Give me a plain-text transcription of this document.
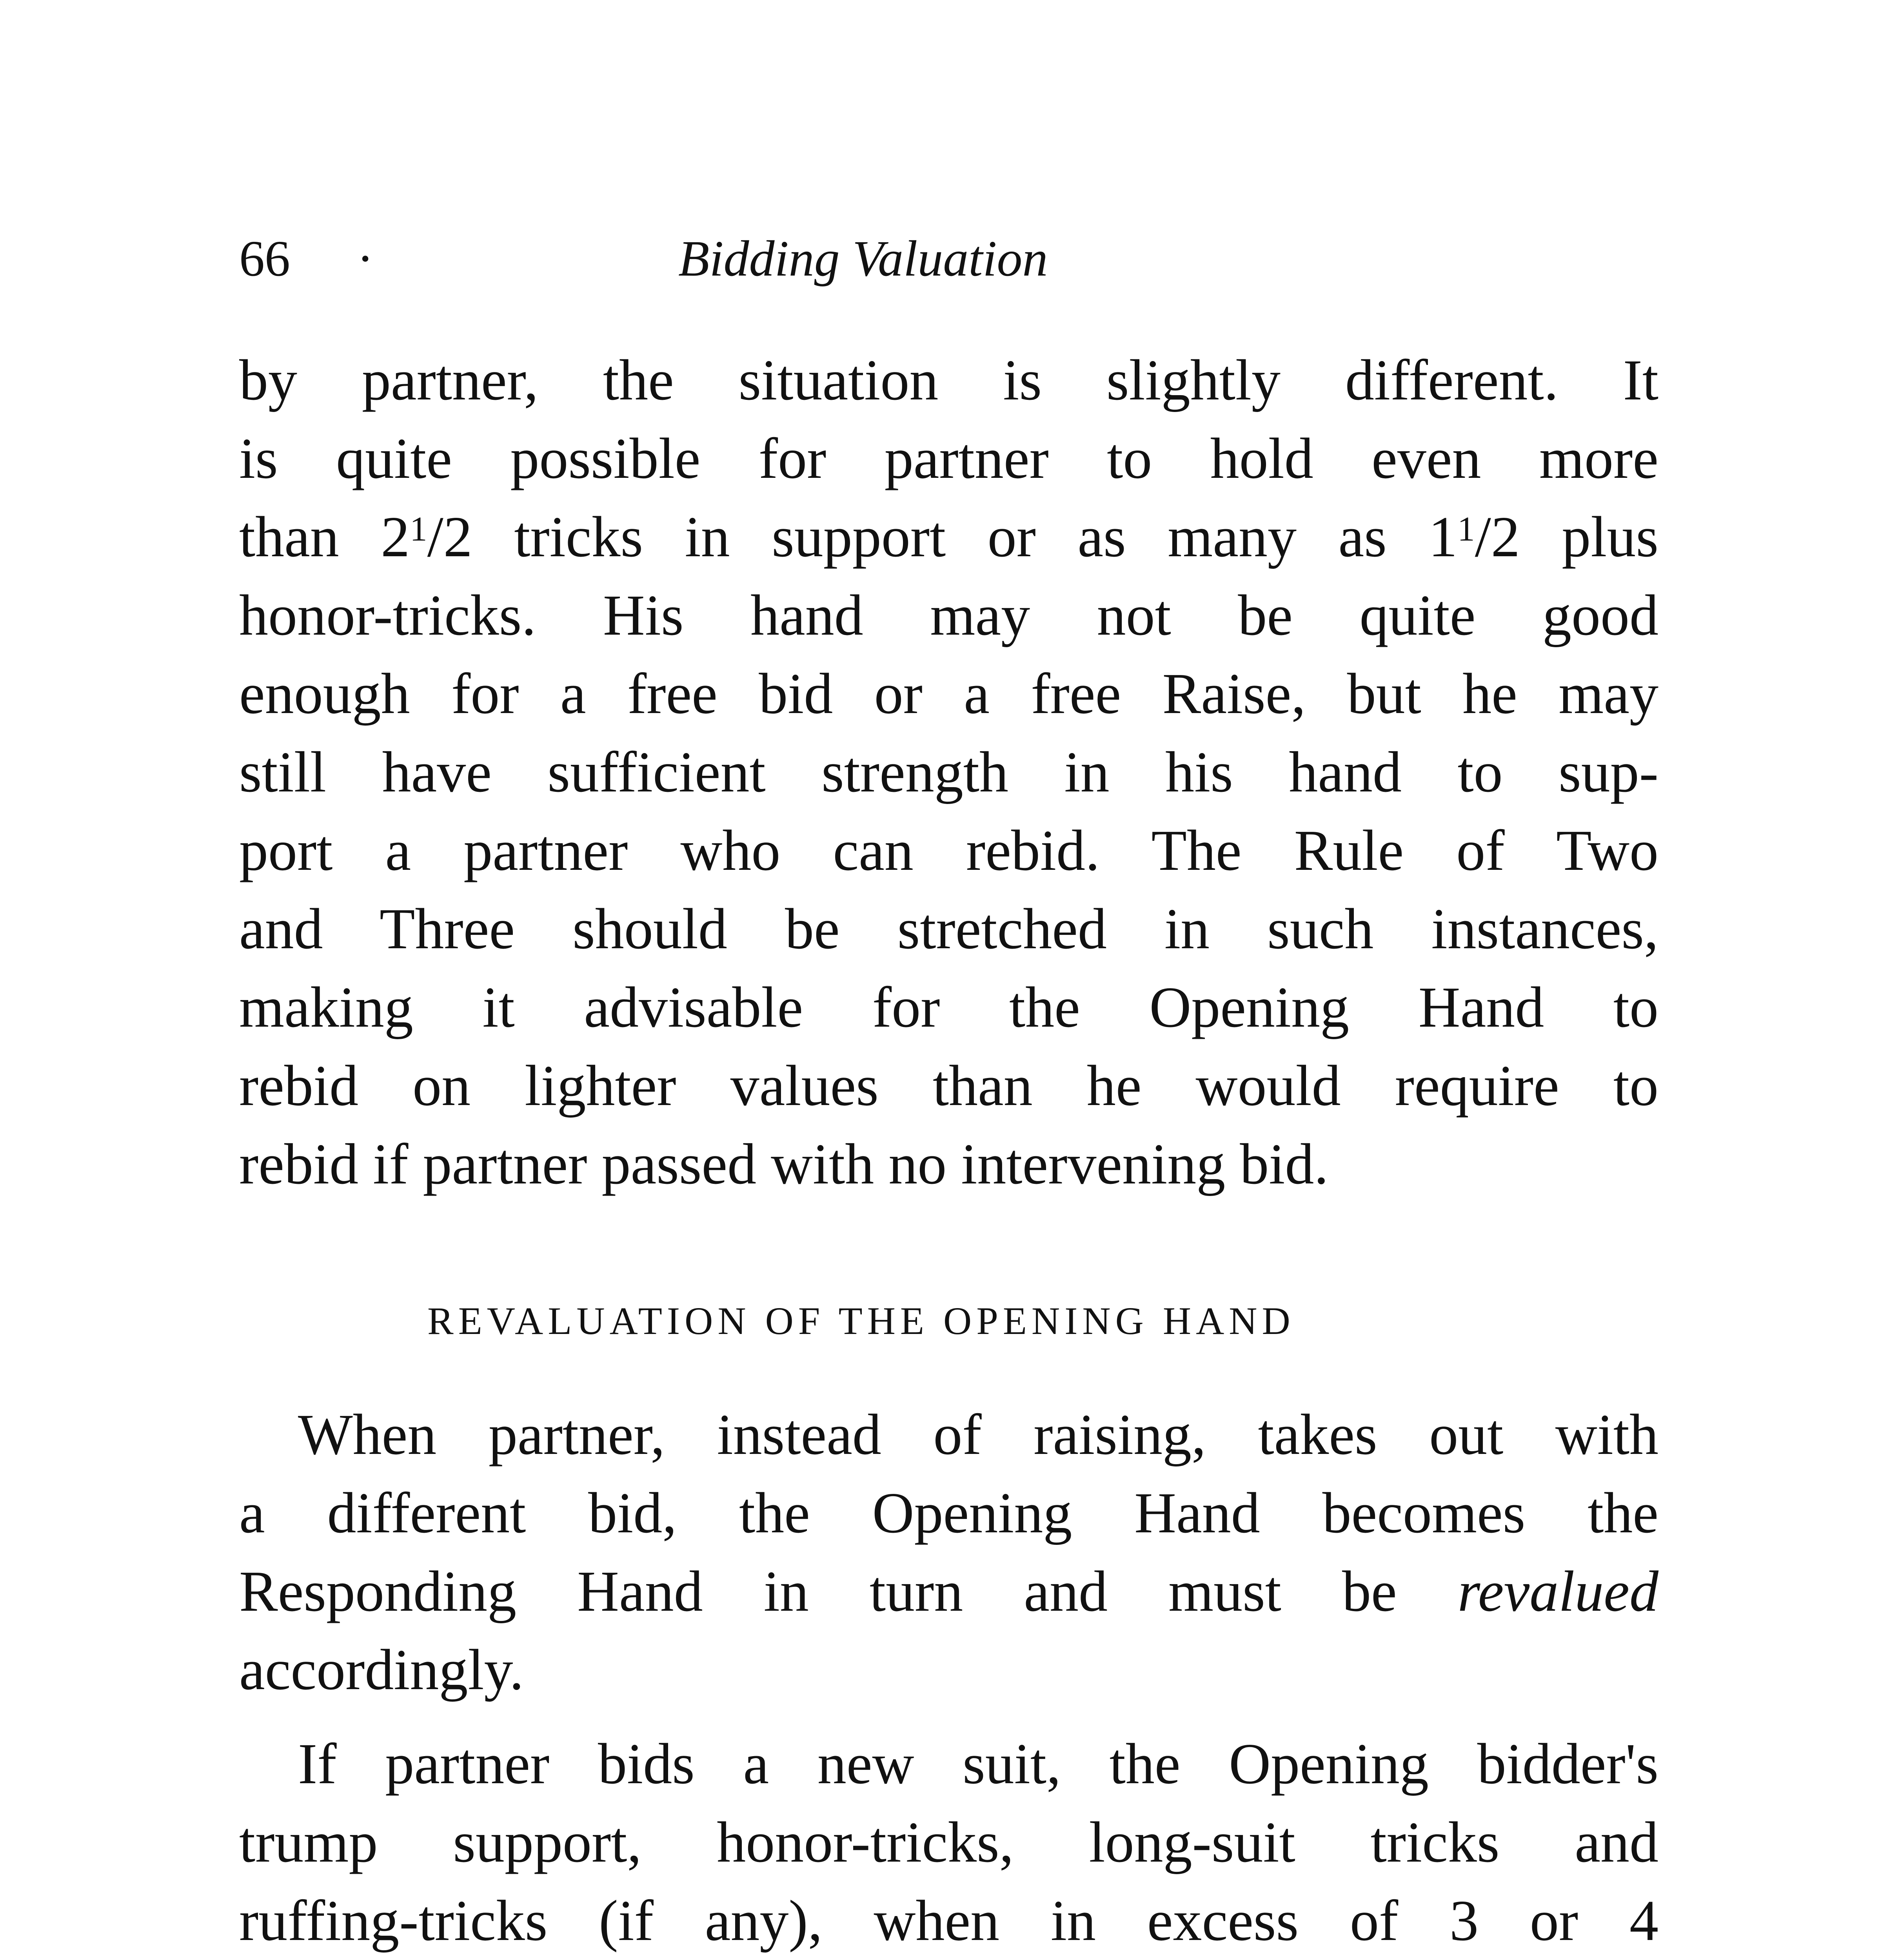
66 ·	Bidding Valuation
by partner, the situation is slightly different. It
is quite possible for partner to hold even more
than $2^1/2$ tricks in support or as many as $1^1/2$ plus
honor-tricks. His hand may not be quite good
enough for a free bid or a free Raise, but he may
still have sufficient strength in his hand to sup-
port a partner who can rebid. The Rule of Two
and Three should be stretched in such instances,
making it advisable for the Opening Hand to
rebid on lighter values than he would require to
rebid if partner passed with no intervening bid.
REVALUATION OF THE OPENING HAND
When partner, instead of raising, takes out with
a different bid, the Opening Hand becomes the
Responding Hand in turn and must be revalued
accordingly.
If partner bids a new suit, the Opening bidder's
trump support, honor-tricks, long-suit tricks and
ruffing-tricks (if any), when in excess of 3 or 4
